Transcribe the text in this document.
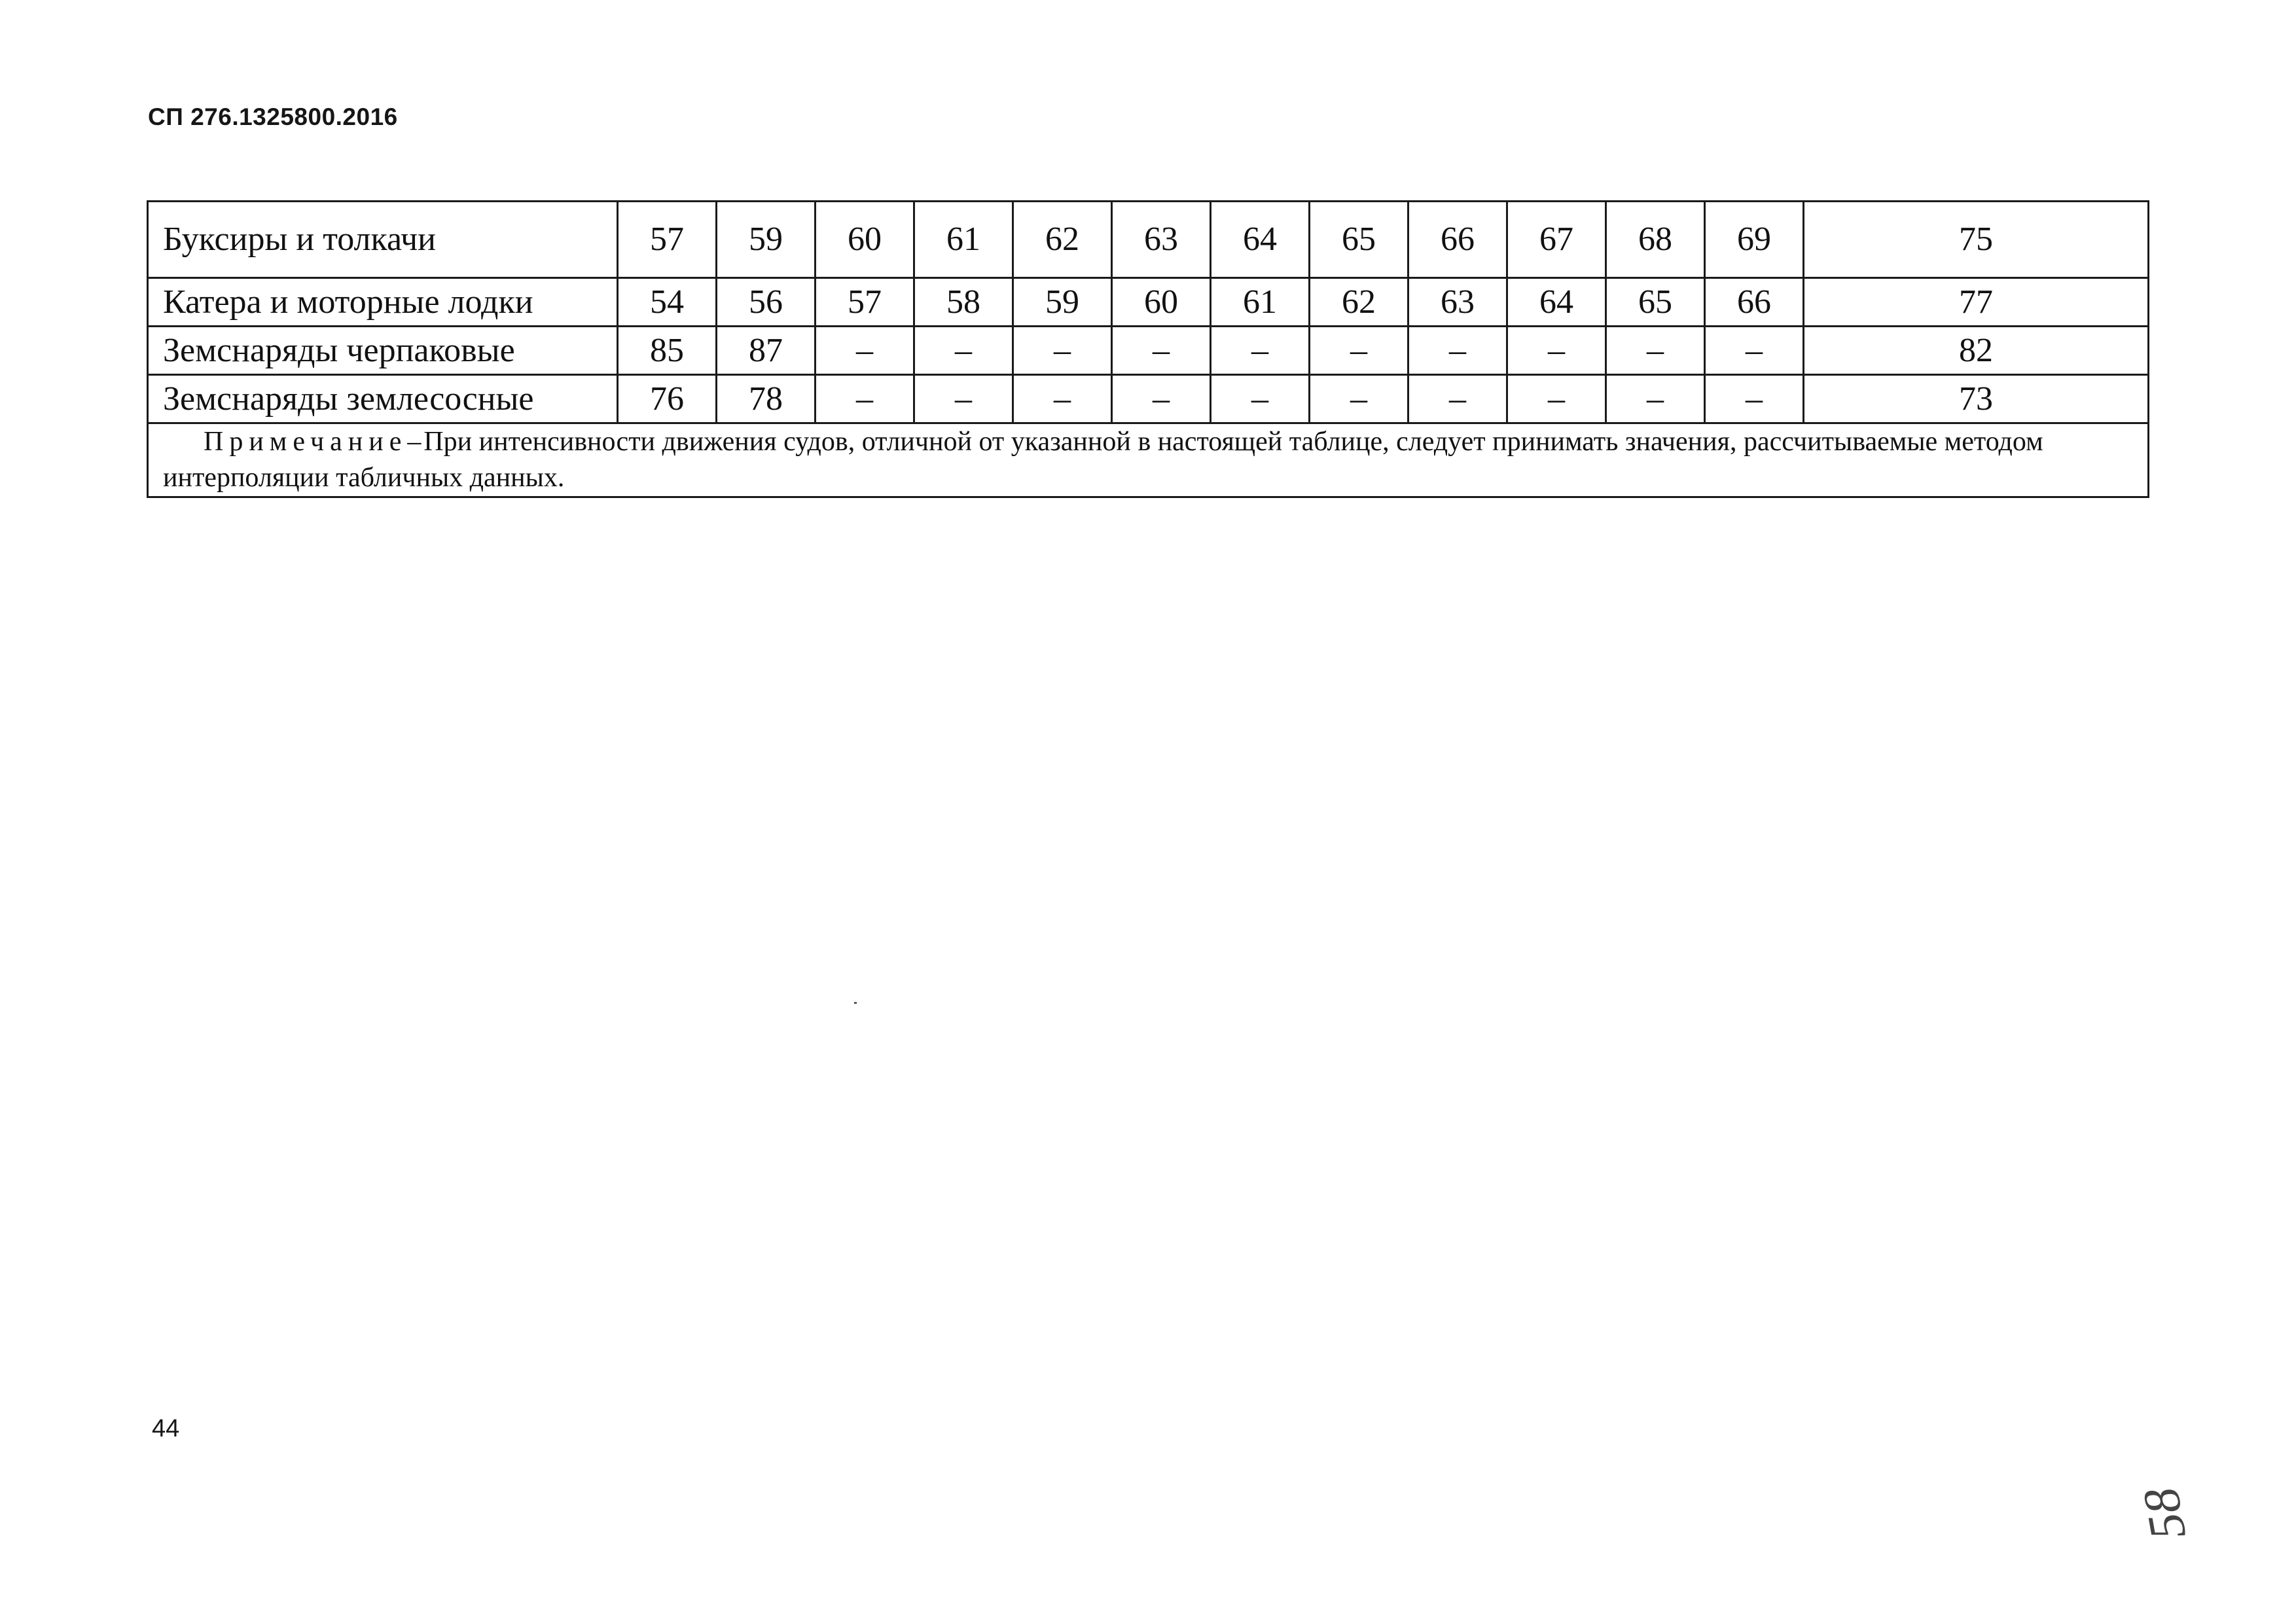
СП 276.1325800.2016
Буксиры и толкачи	57	59	60	61	62	63	64	65	66	67	68	69	75
Катера и моторные лодки	54	56	57	58	59	60	61	62	63	64	65	66	77
Земснаряды черпаковые	85	87	–	–	–	–	–	–	–	–	–	–	82
Земснаряды землесосные	76	78	–	–	–	–	–	–	–	–	–	–	73
Примечание–При интенсивности движения судов, отличной от указанной в настоящей таблице, следует принимать значения, рассчитываемые методом интерполяции табличных данных.													
44
58
